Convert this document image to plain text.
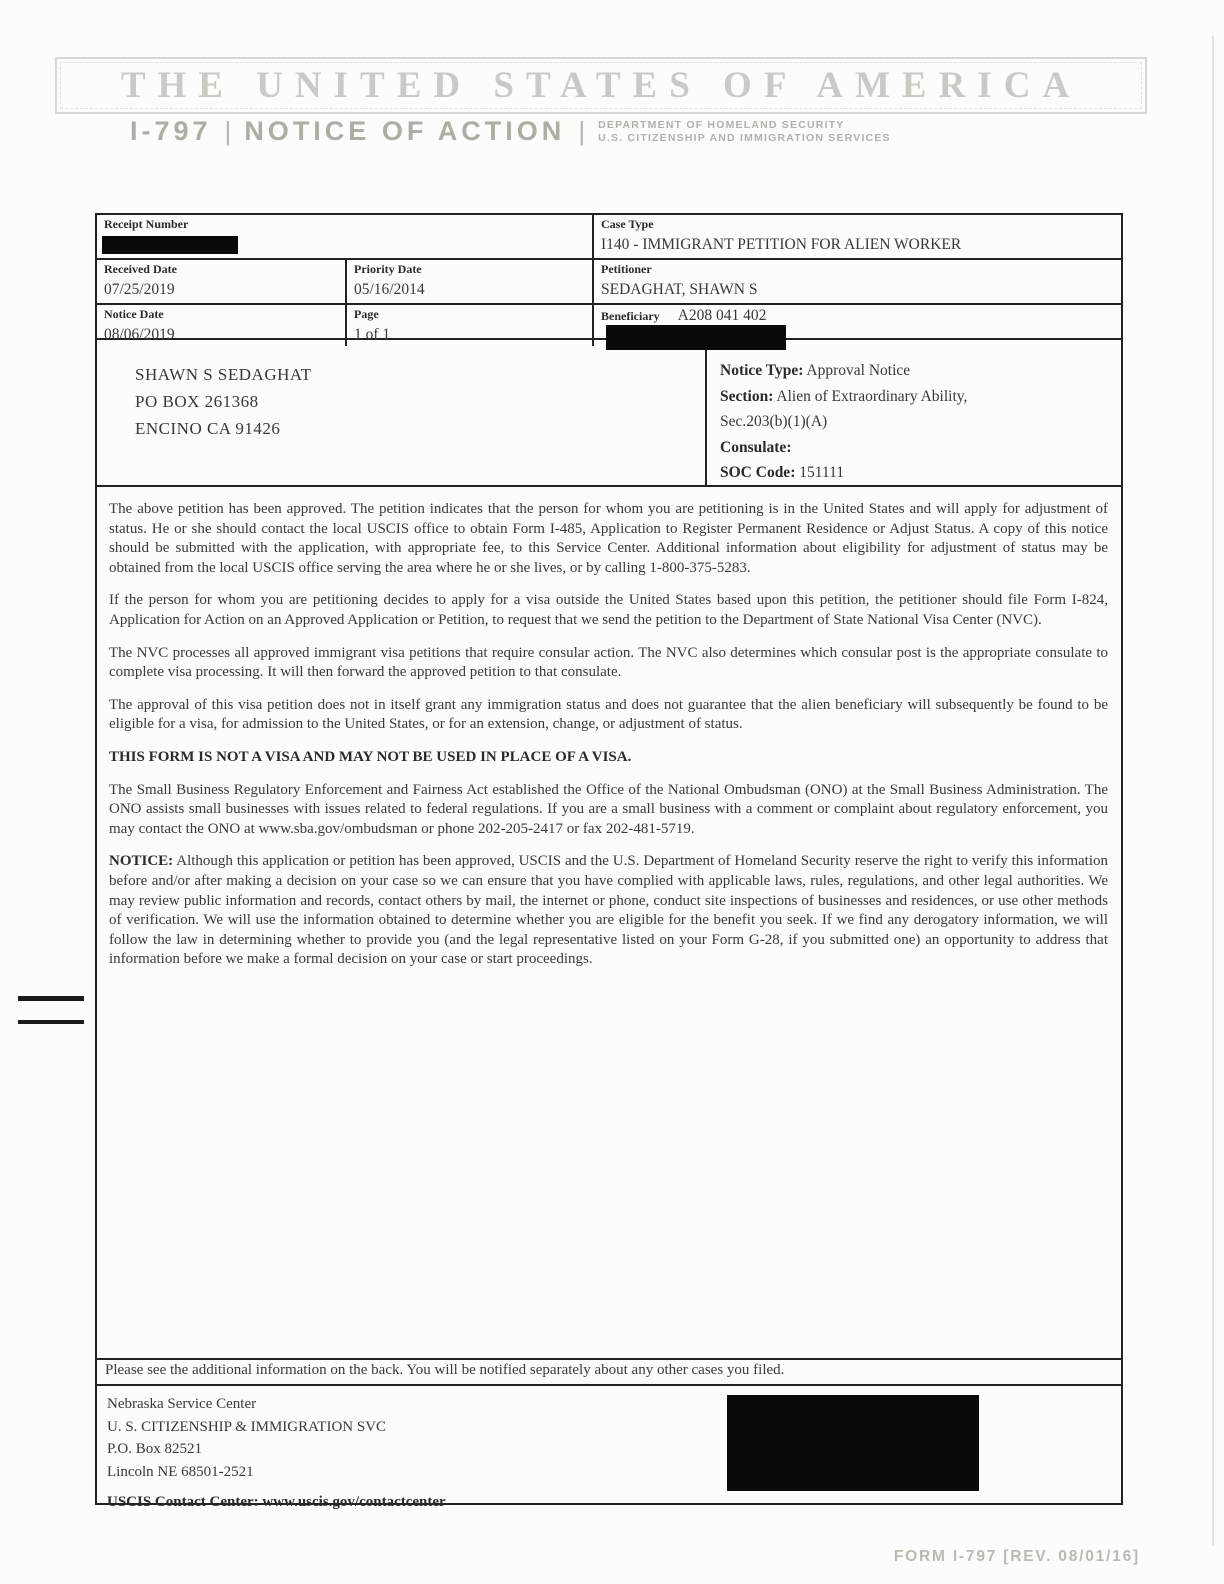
THE UNITED STATES OF AMERICA
I-797 | NOTICE OF ACTION | DEPARTMENT OF HOMELAND SECURITY
U.S. CITIZENSHIP AND IMMIGRATION SERVICES
Receipt Number	Case Type
I140 - IMMIGRANT PETITION FOR ALIEN WORKER
Received Date
07/25/2019
Priority Date
05/16/2014
Petitioner
SEDAGHAT, SHAWN S
Notice Date
08/06/2019
Page
1 of 1
Beneficiary A208 041 402
SHAWN S SEDAGHAT
PO BOX 261368
ENCINO CA 91426
Notice Type: Approval Notice
Section: Alien of Extraordinary Ability,
Sec.203(b)(1)(A)
Consulate:
SOC Code: 151111

The above petition has been approved. The petition indicates that the person for whom you are petitioning is in the United States and will apply for adjustment of status. He or she should contact the local USCIS office to obtain Form I-485, Application to Register Permanent Residence or Adjust Status. A copy of this notice should be submitted with the application, with appropriate fee, to this Service Center. Additional information about eligibility for adjustment of status may be obtained from the local USCIS office serving the area where he or she lives, or by calling 1-800-375-5283.

If the person for whom you are petitioning decides to apply for a visa outside the United States based upon this petition, the petitioner should file Form I-824, Application for Action on an Approved Application or Petition, to request that we send the petition to the Department of State National Visa Center (NVC).

The NVC processes all approved immigrant visa petitions that require consular action. The NVC also determines which consular post is the appropriate consulate to complete visa processing. It will then forward the approved petition to that consulate.

The approval of this visa petition does not in itself grant any immigration status and does not guarantee that the alien beneficiary will subsequently be found to be eligible for a visa, for admission to the United States, or for an extension, change, or adjustment of status.

THIS FORM IS NOT A VISA AND MAY NOT BE USED IN PLACE OF A VISA.

The Small Business Regulatory Enforcement and Fairness Act established the Office of the National Ombudsman (ONO) at the Small Business Administration. The ONO assists small businesses with issues related to federal regulations. If you are a small business with a comment or complaint about regulatory enforcement, you may contact the ONO at www.sba.gov/ombudsman or phone 202-205-2417 or fax 202-481-5719.

NOTICE: Although this application or petition has been approved, USCIS and the U.S. Department of Homeland Security reserve the right to verify this information before and/or after making a decision on your case so we can ensure that you have complied with applicable laws, rules, regulations, and other legal authorities. We may review public information and records, contact others by mail, the internet or phone, conduct site inspections of businesses and residences, or use other methods of verification. We will use the information obtained to determine whether you are eligible for the benefit you seek. If we find any derogatory information, we will follow the law in determining whether to provide you (and the legal representative listed on your Form G-28, if you submitted one) an opportunity to address that information before we make a formal decision on your case or start proceedings.

Please see the additional information on the back. You will be notified separately about any other cases you filed.
Nebraska Service Center
U. S. CITIZENSHIP & IMMIGRATION SVC
P.O. Box 82521
Lincoln NE 68501-2521
USCIS Contact Center: www.uscis.gov/contactcenter
FORM I-797 [REV. 08/01/16]
